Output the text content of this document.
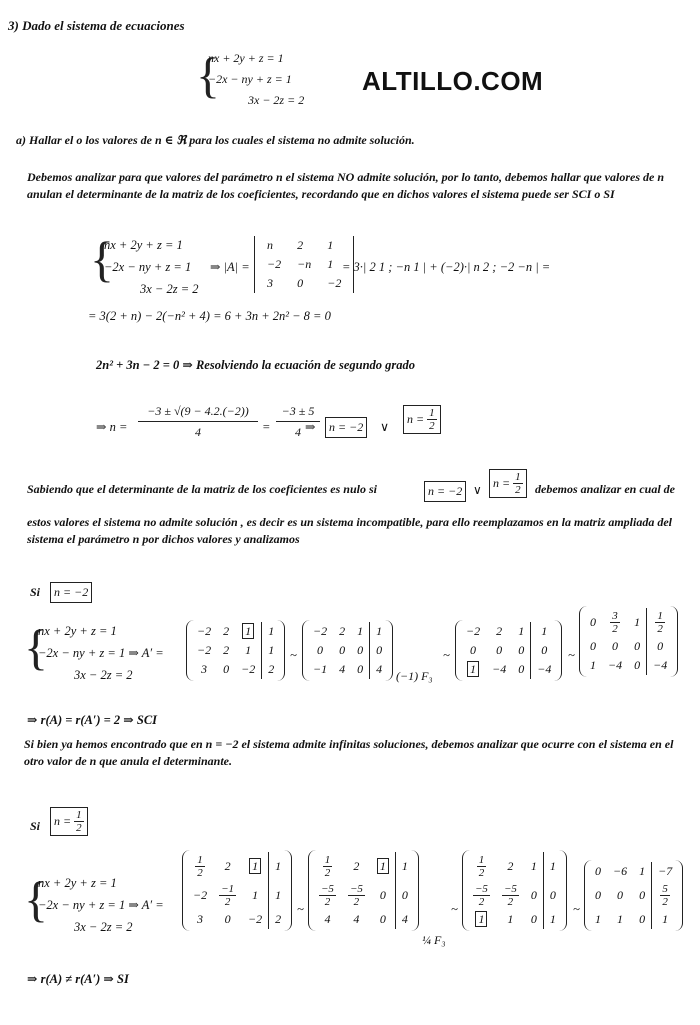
3) Dado el sistema de ecuaciones
{
nx + 2y + z = 1
−2x − ny + z = 1
3x − 2z = 2
ALTILLO.COM
a) Hallar el o los valores de n ∈ ℜ para los cuales el sistema no admite solución.
Debemos analizar para que valores del parámetro n el sistema NO admite solución, por lo tanto, debemos hallar que valores de n anulan el determinante de la matriz de los coeficientes, recordando que en dichos valores el sistema puede ser SCI o SI
{
nx + 2y + z = 1
−2x − ny + z = 1
3x − 2z = 2
⇒ |A| =
n	2	1
−2	−n	1
3	0	−2
= 3·| 2 1 ; −n 1 | + (−2)·| n 2 ; −2 −n | =
= 3(2 + n) − 2(−n² + 4) = 6 + 3n + 2n² − 8 = 0
2n² + 3n − 2 = 0 ⇒ Resolviendo la ecuación de segundo grado
⇒ n =
−3 ± √(9 − 4.2.(−2))
4	=
−3 ± 5
4 ⇒	n = −2	∨
$n = \frac{1}{2}$
Sabiendo que el determinante de la matriz de los coeficientes es nulo si	n = −2 ∨ $n = \frac{1}{2}$ debemos analizar en cual de
estos valores el sistema no admite solución , es decir es un sistema incompatible, para ello reemplazamos en la matriz ampliada del sistema el parámetro n por dichos valores y analizamos
Si	n = −2
{
nx + 2y + z = 1
−2x − ny + z = 1 ⇒ A′ =
3x − 2z = 2
−2	2	1	1
−2	2	1	1
3	0	−2	2
~
−2	2	1	1
0	0	0	0
−1	4	0	4 (−1) F₃
~
−2	2	1	1
0	0	0	0
1	−4	0	−4
~
0	$\frac{3}{2}$	1	$\frac{1}{2}$

0	0	0	0
1	−4	0	−4
⇒ r(A) = r(A′) = 2 ⇒ SCI
Si bien ya hemos encontrado que en n = −2 el sistema admite infinitas soluciones, debemos analizar que ocurre con el sistema en el otro valor de n que anula el determinante.
Si $n = \frac{1}{2}$
{
nx + 2y + z = 1
−2x − ny + z = 1 ⇒ A′ =
3x − 2z = 2
$\frac{1}{2}$	2	1	1
−2	$\frac{-1}{2}$	1	1
3	0	−2	2
~
$\frac{1}{2}$	2	1	1

$\frac{-5}{2}$	$\frac{-5}{2}$	0	0
4	4	0	4
¼ F₃
~
$\frac{1}{2}$	2	1	1

$\frac{-5}{2}$	$\frac{-5}{2}$	0	0
1	1	0	1
~
0	−6	1	−7
0	0	0	$\frac{5}{2}$

1	1	0	1
⇒ r(A) ≠ r(A′) ⇒ SI
